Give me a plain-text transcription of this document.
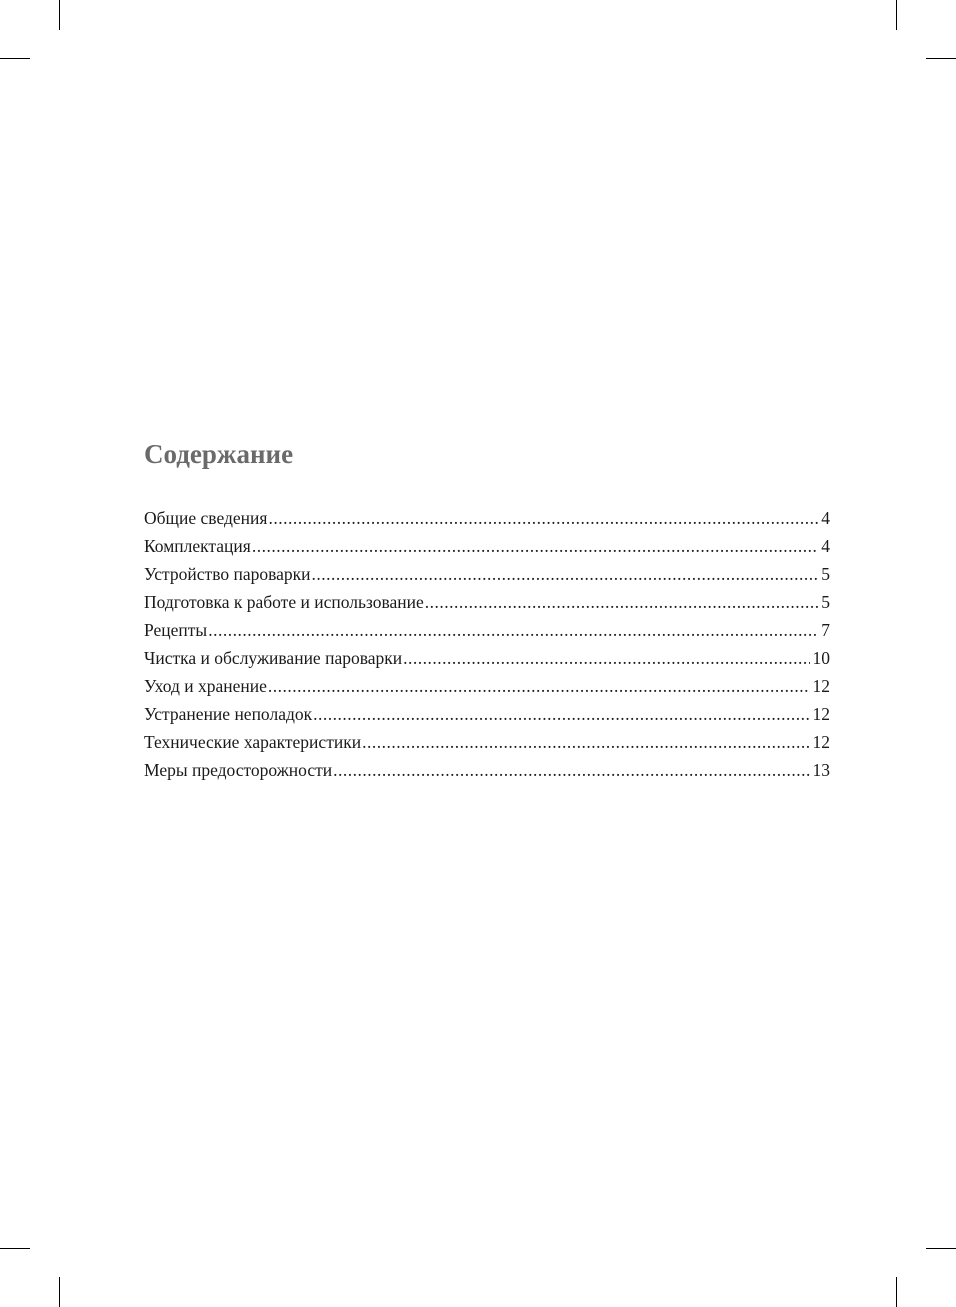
Содержание
Общие сведения .....	4
Комплектация .....	4
Устройство пароварки .....	5
Подготовка к работе и использование .....	5
Рецепты .....	7
Чистка и обслуживание пароварки .....	10
Уход и хранение .....	12
Устранение неполадок .....	12
Технические характеристики .....	12
Меры предосторожности .....	13
